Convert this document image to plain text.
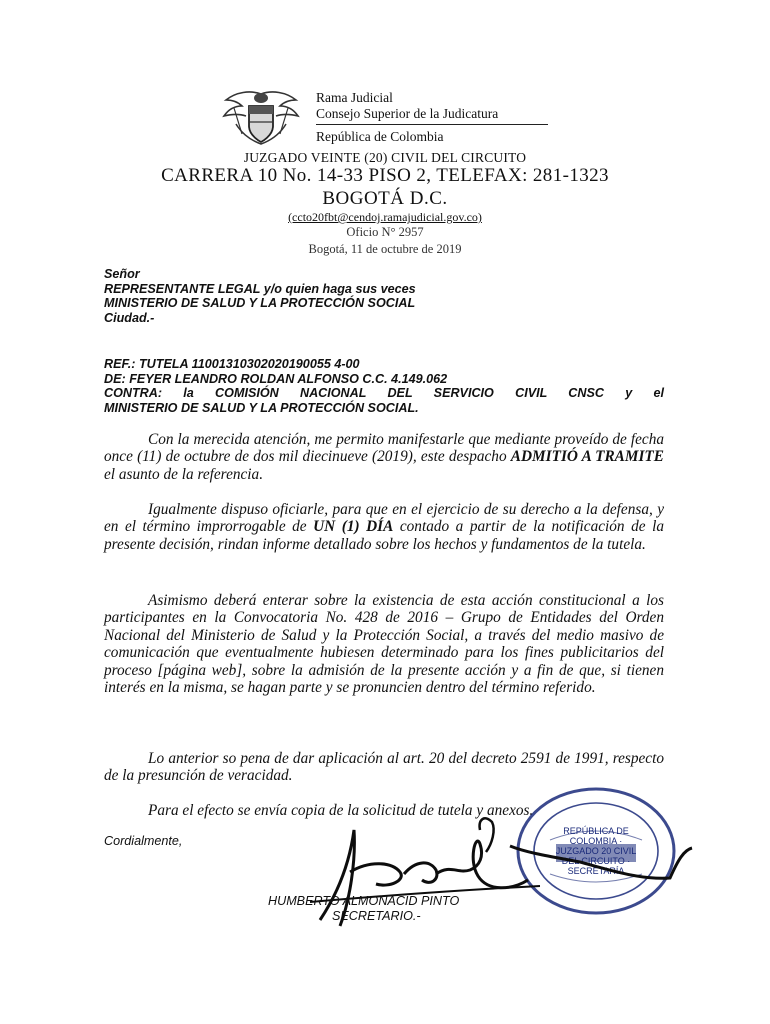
Rama Judicial
Consejo Superior de la Judicatura
República de Colombia
JUZGADO VEINTE (20) CIVIL DEL CIRCUITO
CARRERA 10 No. 14-33 PISO 2, TELEFAX: 281-1323
BOGOTÁ D.C.
(ccto20fbt@cendoj.ramajudicial.gov.co)
Oficio N° 2957
Bogotá, 11 de octubre de 2019
Señor
REPRESENTANTE LEGAL y/o quien haga sus veces
MINISTERIO DE SALUD Y LA PROTECCIÓN SOCIAL
Ciudad.-
REF.: TUTELA 11001310302020190055 4-00
DE: FEYER LEANDRO ROLDAN ALFONSO C.C. 4.149.062
CONTRA: la COMISIÓN NACIONAL DEL SERVICIO CIVIL CNSC y el
MINISTERIO DE SALUD Y LA PROTECCIÓN SOCIAL.
Con la merecida atención, me permito manifestarle que mediante proveído de fecha once (11) de octubre de dos mil diecinueve (2019), este despacho ADMITIÓ A TRAMITE el asunto de la referencia.
Igualmente dispuso oficiarle, para que en el ejercicio de su derecho a la defensa, y en el término improrrogable de UN (1) DÍA contado a partir de la notificación de la presente decisión, rindan informe detallado sobre los hechos y fundamentos de la tutela.
Asimismo deberá enterar sobre la existencia de esta acción constitucional a los participantes en la Convocatoria No. 428 de 2016 – Grupo de Entidades del Orden Nacional del Ministerio de Salud y la Protección Social, a través del medio masivo de comunicación que eventualmente hubiesen determinado para los fines publicitarios del proceso [página web], sobre la admisión de la presente acción y a fin de que, si tienen interés en la misma, se hagan parte y se pronuncien dentro del término referido.
Lo anterior so pena de dar aplicación al art. 20 del decreto 2591 de 1991, respecto de la presunción de veracidad.
Para el efecto se envía copia de la solicitud de tutela y anexos.
Cordialmente,
REPÚBLICA DE COLOMBIA · JUZGADO 20 CIVIL DEL CIRCUITO · SECRETARÍA
HUMBERTO ALMONACID PINTO
SECRETARIO.-
